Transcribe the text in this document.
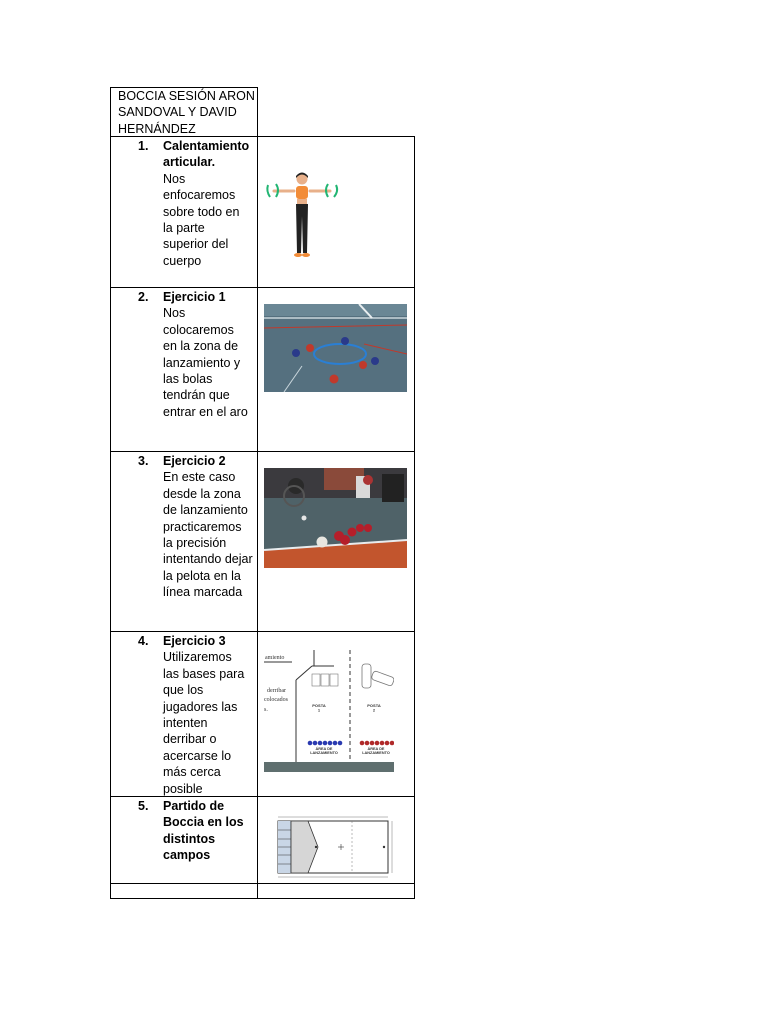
BOCCIA SESIÓN ARON SANDOVAL Y DAVID HERNÁNDEZ
1. Calentamiento articular.
Nos enfocaremos sobre todo en la parte superior del cuerpo
2. Ejercicio 1
Nos colocaremos en la zona de lanzamiento y las bolas tendrán que entrar en el aro
3. Ejercicio 2
En este caso desde la zona de lanzamiento practicaremos la precisión intentando dejar la pelota en la línea marcada
4. Ejercicio 3
Utilizaremos las bases para que los jugadores las intenten derribar o acercarse lo más cerca posible
amiento
derribar
colocados
s.
POSTA 1
POSTA 2
ÁREA DE LANZAMIENTO
ÁREA DE LANZAMIENTO
5. Partido de Boccia en los distintos campos
